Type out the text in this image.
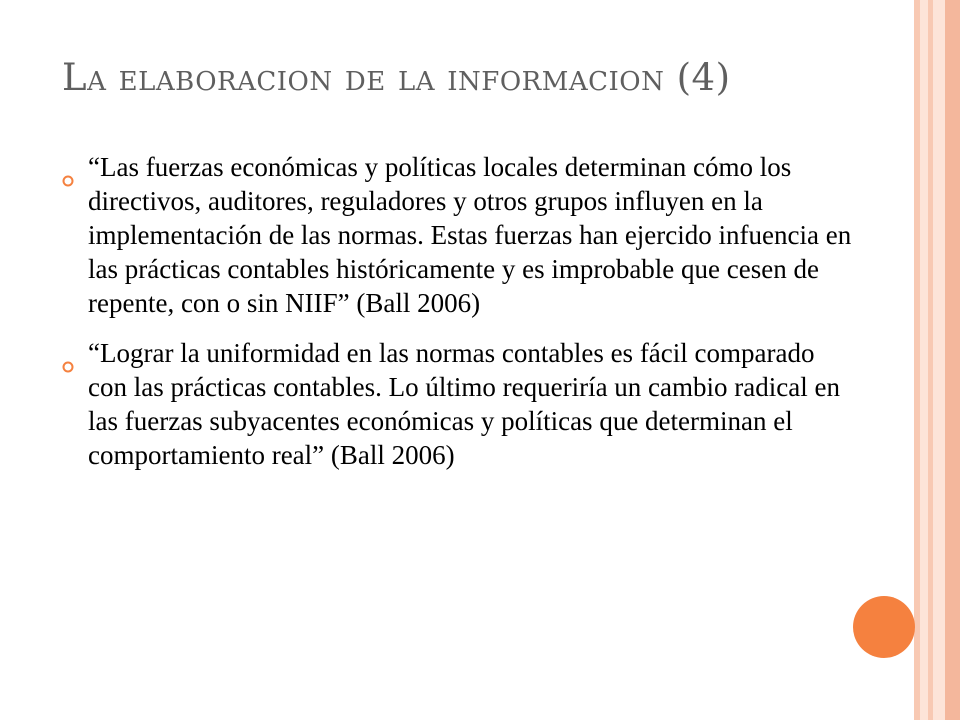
La elaboracion de la informacion (4)
“Las fuerzas económicas y políticas locales determinan cómo los directivos, auditores, reguladores y otros grupos influyen en la implementación de las normas. Estas fuerzas han ejercido infuencia en las prácticas contables históricamente y es improbable que cesen de repente, con o sin NIIF” (Ball 2006)
“Lograr la uniformidad en las normas contables es fácil comparado con las prácticas contables. Lo último requeriría un cambio radical en las fuerzas subyacentes económicas y políticas que determinan el comportamiento real” (Ball 2006)
